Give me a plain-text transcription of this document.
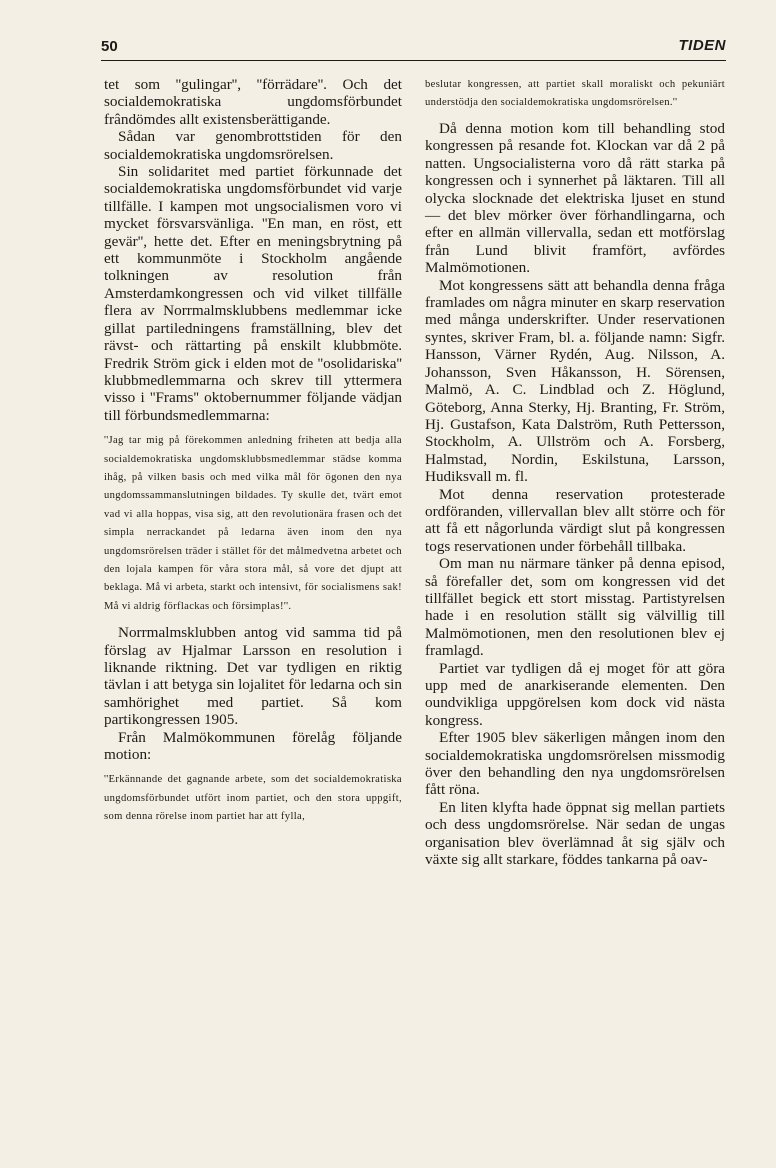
50	TIDEN

tet som ''gulingar'', ''förrädare''. Och det socialdemokratiska ungdomsförbundet frândömdes allt existensberättigande.

Sådan var genombrottstiden för den socialdemokratiska ungdomsrörelsen.

Sin solidaritet med partiet förkunnade det socialdemokratiska ungdomsförbundet vid varje tillfälle. I kampen mot ungsocialismen voro vi mycket försvarsvänliga. ''En man, en röst, ett gevär'', hette det. Efter en meningsbrytning på ett kommunmöte i Stockholm angående tolkningen av resolution från Amsterdamkongressen och vid vilket tillfälle flera av Norrmalmsklubbens medlemmar icke gillat partiledningens framställning, blev det rävst- och rättarting på enskilt klubbmöte. Fredrik Ström gick i elden mot de ''osolidariska'' klubbmedlemmarna och skrev till yttermera visso i ''Frams'' oktobernummer följande vädjan till förbundsmedlemmarna:

''Jag tar mig på förekommen anledning friheten att bedja alla socialdemokratiska ungdomsklubbsmedlemmar städse komma ihåg, på vilken basis och med vilka mål för ögonen den nya ungdomssammanslutningen bildades. Ty skulle det, tvärt emot vad vi alla hoppas, visa sig, att den revolutionära frasen och det simpla nerrackandet på ledarna även inom den nya ungdomsrörelsen träder i stället för det målmedvetna arbetet och den lojala kampen för våra stora mål, så vore det djupt att beklaga. Må vi arbeta, starkt och intensivt, för socialismens sak! Må vi aldrig förflackas och försimplas!''.

Norrmalmsklubben antog vid samma tid på förslag av Hjalmar Larsson en resolution i liknande riktning. Det var tydligen en riktig tävlan i att betyga sin lojalitet för ledarna och sin samhörighet med partiet. Så kom partikongressen 1905.

Från Malmökommunen förelåg följande motion:

''Erkännande det gagnande arbete, som det socialdemokratiska ungdomsförbundet utfört inom partiet, och den stora uppgift, som denna rörelse inom partiet har att fylla,
beslutar kongressen, att partiet skall moraliskt och pekuniärt understödja den socialdemokratiska ungdomsrörelsen.''

Då denna motion kom till behandling stod kongressen på resande fot. Klockan var då 2 på natten. Ungsocialisterna voro då rätt starka på kongressen och i synnerhet på läktaren. Till all olycka slocknade det elektriska ljuset en stund — det blev mörker över förhandlingarna, och efter en allmän villervalla, sedan ett motförslag från Lund blivit framfört, avfördes Malmömotionen.

Mot kongressens sätt att behandla denna fråga framlades om några minuter en skarp reservation med många underskrifter. Under reservationen syntes, skriver Fram, bl. a. följande namn: Sigfr. Hansson, Värner Rydén, Aug. Nilsson, A. Johansson, Sven Håkansson, H. Sörensen, Malmö, A. C. Lindblad och Z. Höglund, Göteborg, Anna Sterky, Hj. Branting, Fr. Ström, Hj. Gustafson, Kata Dalström, Ruth Pettersson, Stockholm, A. Ullström och A. Forsberg, Halmstad, Nordin, Eskilstuna, Larsson, Hudiksvall m. fl.

Mot denna reservation protesterade ordföranden, villervallan blev allt större och för att få ett någorlunda värdigt slut på kongressen togs reservationen under förbehåll tillbaka.

Om man nu närmare tänker på denna episod, så förefaller det, som om kongressen vid det tillfället begick ett stort misstag. Partistyrelsen hade i en resolution ställt sig välvillig till Malmömotionen, men den resolutionen blev ej framlagd.

Partiet var tydligen då ej moget för att göra upp med de anarkiserande elementen. Den oundvikliga uppgörelsen kom dock vid nästa kongress.

Efter 1905 blev säkerligen mången inom den socialdemokratiska ungdomsrörelsen missmodig över den behandling den nya ungdomsrörelsen fått röna.

En liten klyfta hade öppnat sig mellan partiets och dess ungdomsrörelse. När sedan de ungas organisation blev överlämnad åt sig själv och växte sig allt starkare, föddes tankarna på oav-
